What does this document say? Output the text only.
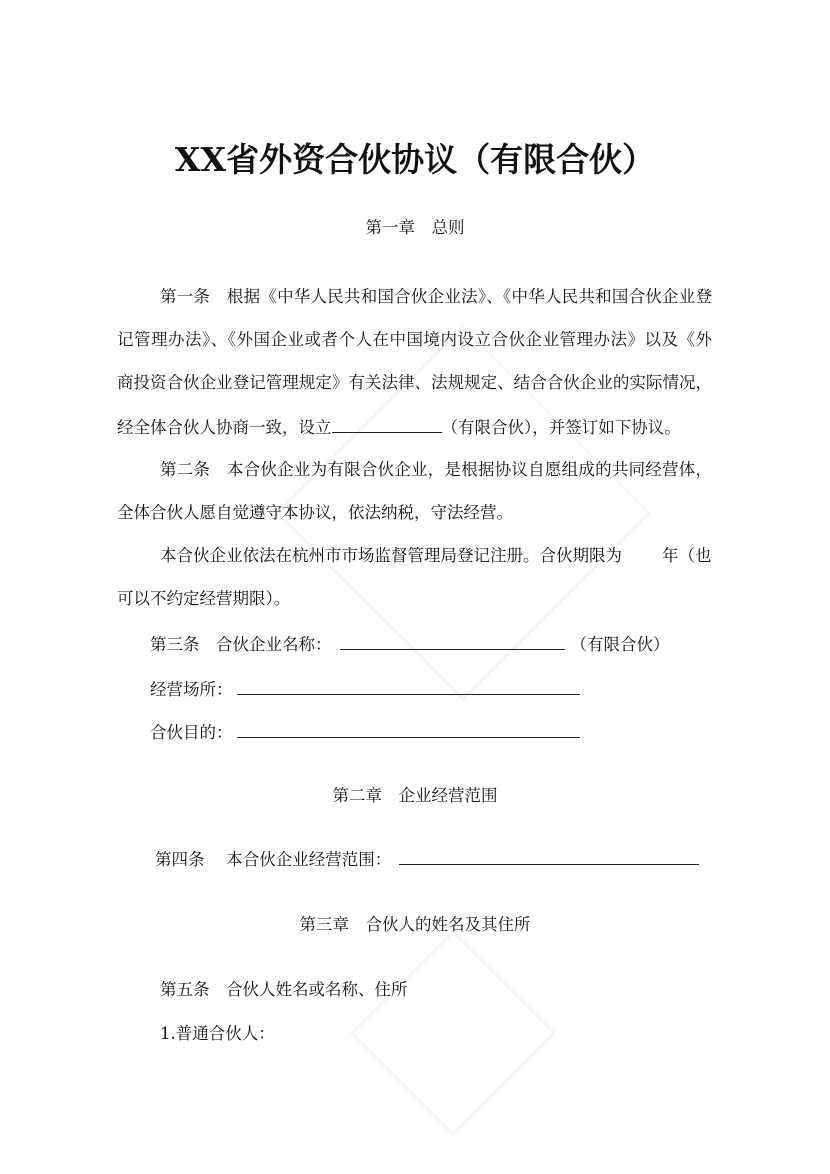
XX省外资合伙协议（有限合伙）
第一章　总则
第一条　根据《中华人民共和国合伙企业法》、《中华人民共和国合伙企业登
记管理办法》、《外国企业或者个人在中国境内设立合伙企业管理办法》以及《外
商投资合伙企业登记管理规定》有关法律、法规规定、结合合伙企业的实际情况，
经全体合伙人协商一致，设立	（有限合伙），并签订如下协议。
第二条　本合伙企业为有限合伙企业，是根据协议自愿组成的共同经营体，
全体合伙人愿自觉遵守本协议，依法纳税，守法经营。
本合伙企业依法在杭州市市场监督管理局登记注册。合伙期限为 年（也
可以不约定经营期限）。
第三条　合伙企业名称：	（有限合伙）
经营场所：
合伙目的：
第二章　企业经营范围
第四条　 本合伙企业经营范围：
第三章　合伙人的姓名及其住所
第五条　合伙人姓名或名称、住所
1.普通合伙人：
